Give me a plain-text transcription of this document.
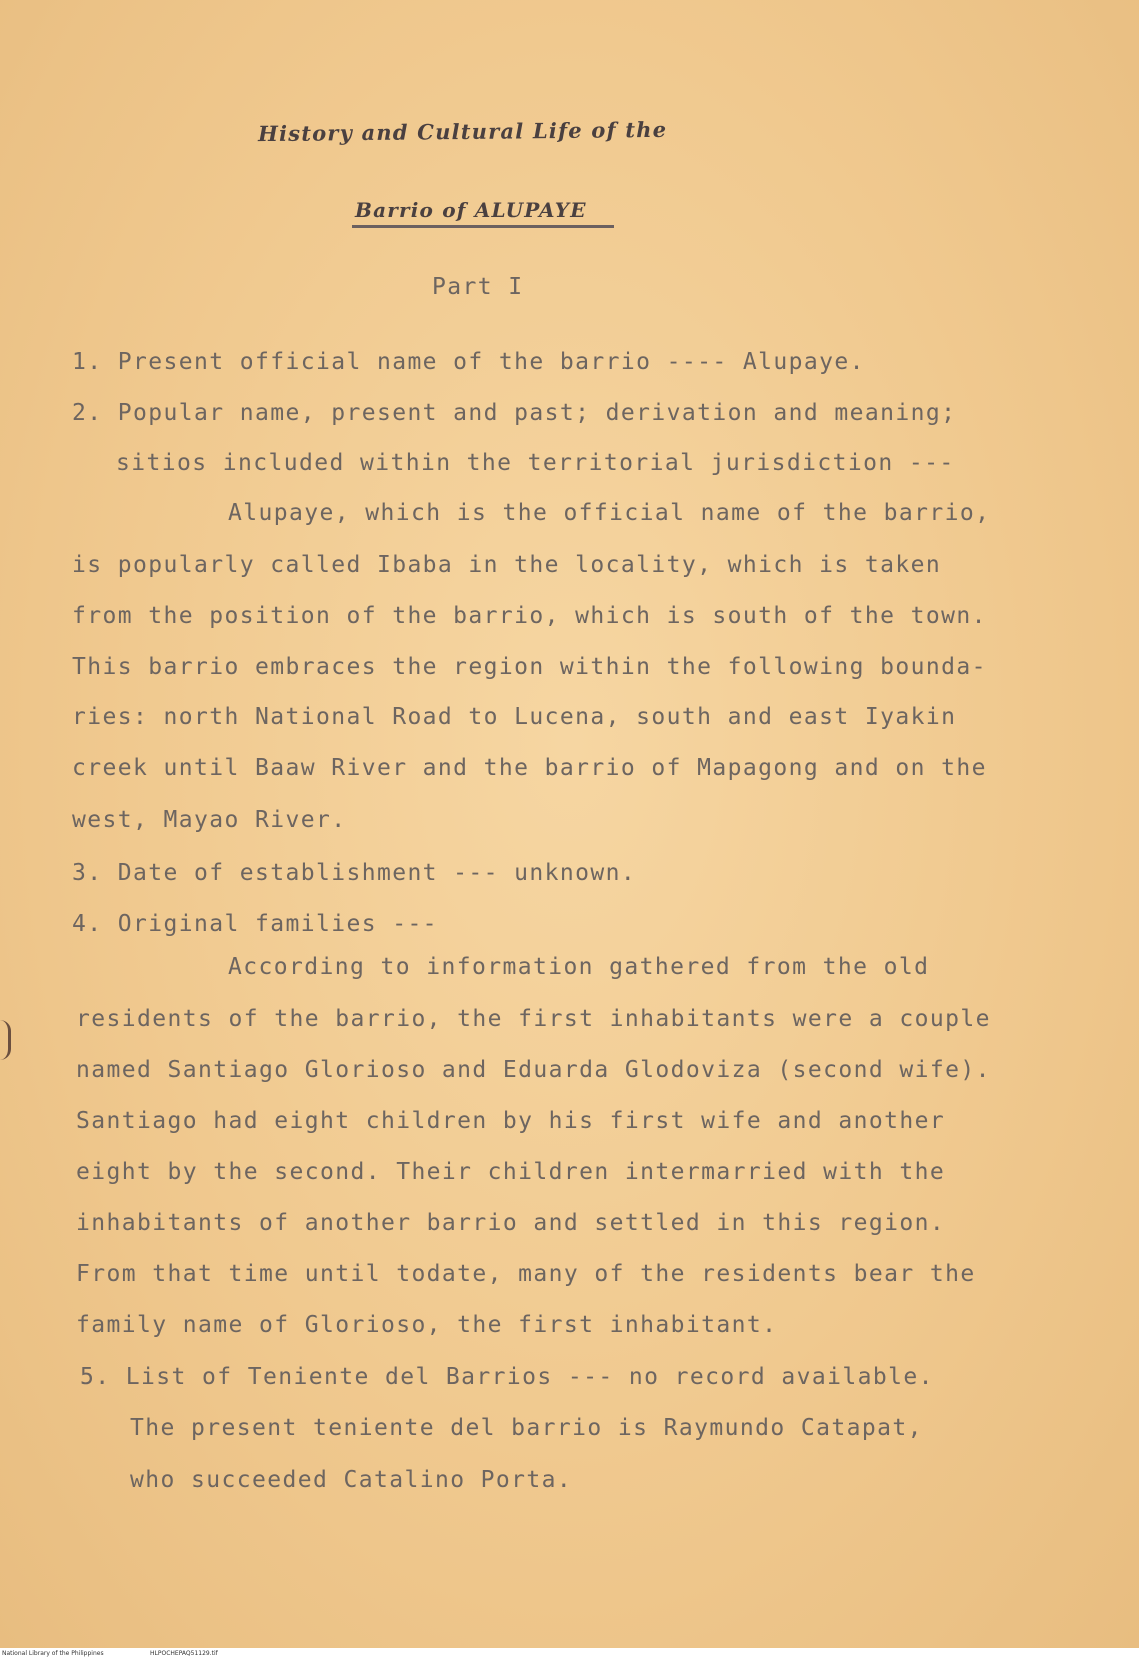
History and Cultural Life of the
Barrio of ALUPAYE

Part I

1. Present official name of the barrio ---- Alupaye.

2. Popular name, present and past; derivation and meaning;

sitios included within the territorial jurisdiction ---

Alupaye, which is the official name of the barrio,

is popularly called Ibaba in the locality, which is taken

from the position of the barrio, which is south of the town.

This barrio embraces the region within the following bounda-

ries: north National Road to Lucena, south and east Iyakin

creek until Baaw River and the barrio of Mapagong and on the

west, Mayao River.

3. Date of establishment --- unknown.

4. Original families ---

According to information gathered from the old

residents of the barrio, the first inhabitants were a couple

named Santiago Glorioso and Eduarda Glodoviza (second wife).

Santiago had eight children by his first wife and another

eight by the second. Their children intermarried with the

inhabitants of another barrio and settled in this region.

From that time until todate, many of the residents bear the

family name of Glorioso, the first inhabitant.

5. List of Teniente del Barrios --- no record available.

The present teniente del barrio is Raymundo Catapat,

who succeeded Catalino Porta.

National Library of the Philippines	HLPOCHEPAQ51129.tif
